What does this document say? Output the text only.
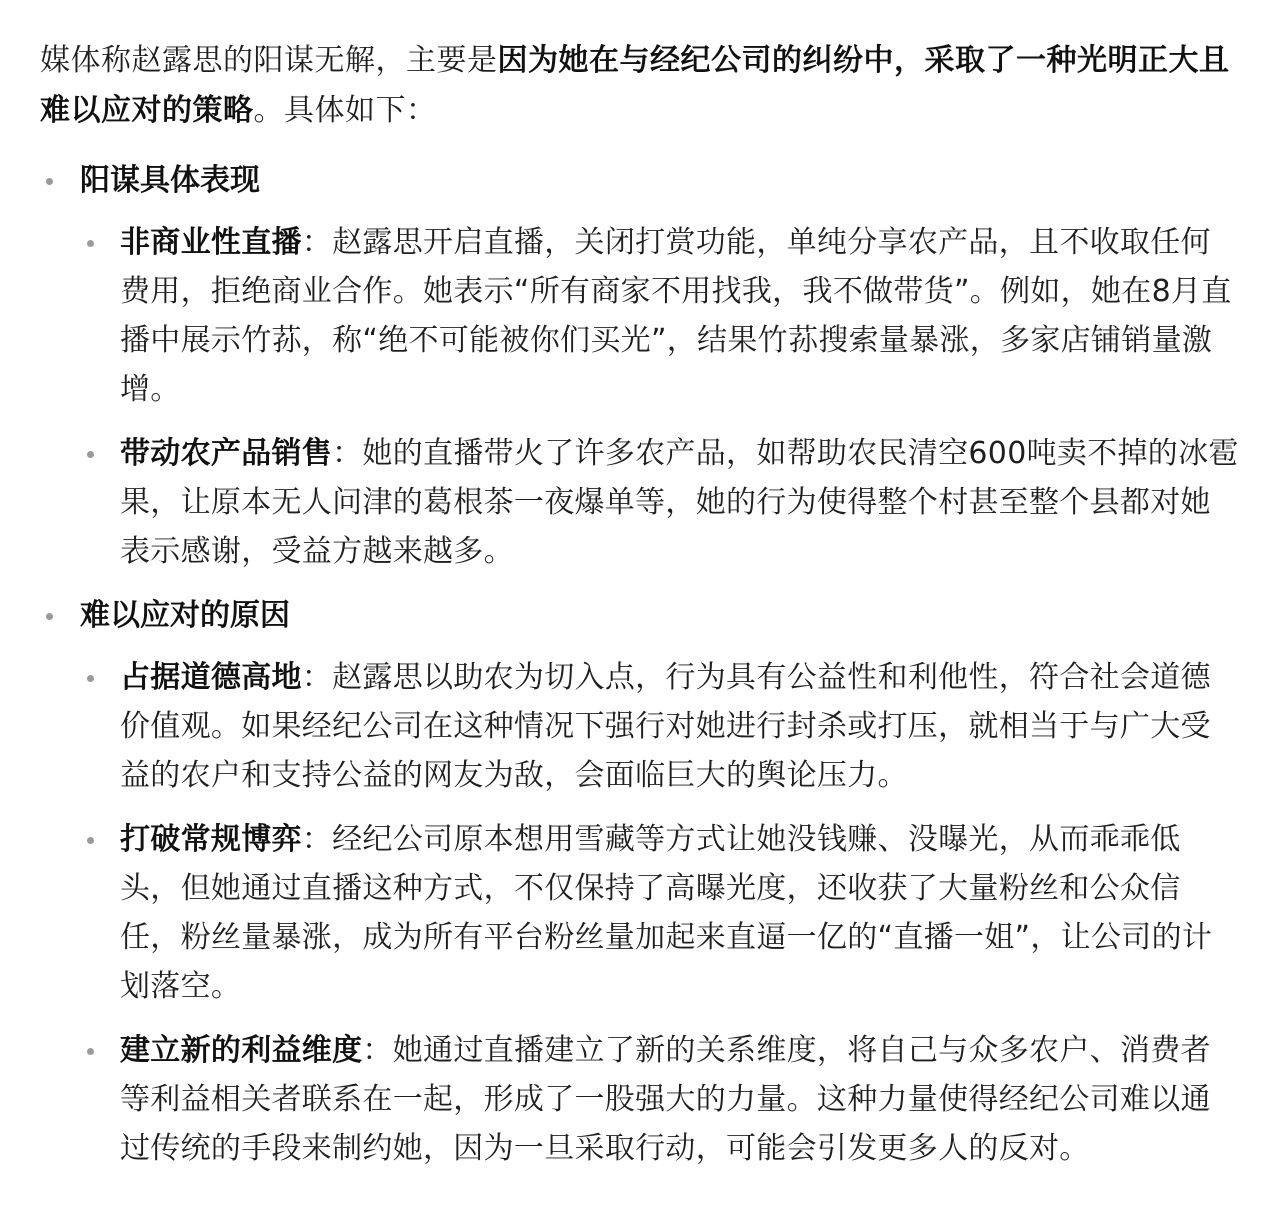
媒体称赵露思的阳谋无解，主要是因为她在与经纪公司的纠纷中，采取了一种光明正大且难以应对的策略。具体如下：

阳谋具体表现
非商业性直播：赵露思开启直播，关闭打赏功能，单纯分享农产品，且不收取任何费用，拒绝商业合作。她表示“所有商家不用找我，我不做带货”。例如，她在8月直播中展示竹荪，称“绝不可能被你们买光”，结果竹荪搜索量暴涨，多家店铺销量激增。
带动农产品销售：她的直播带火了许多农产品，如帮助农民清空600吨卖不掉的冰雹果，让原本无人问津的葛根茶一夜爆单等，她的行为使得整个村甚至整个县都对她表示感谢，受益方越来越多。
难以应对的原因
占据道德高地：赵露思以助农为切入点，行为具有公益性和利他性，符合社会道德价值观。如果经纪公司在这种情况下强行对她进行封杀或打压，就相当于与广大受益的农户和支持公益的网友为敌，会面临巨大的舆论压力。
打破常规博弈：经纪公司原本想用雪藏等方式让她没钱赚、没曝光，从而乖乖低头，但她通过直播这种方式，不仅保持了高曝光度，还收获了大量粉丝和公众信任，粉丝量暴涨，成为所有平台粉丝量加起来直逼一亿的“直播一姐”，让公司的计划落空。
建立新的利益维度：她通过直播建立了新的关系维度，将自己与众多农户、消费者等利益相关者联系在一起，形成了一股强大的力量。这种力量使得经纪公司难以通过传统的手段来制约她，因为一旦采取行动，可能会引发更多人的反对。
